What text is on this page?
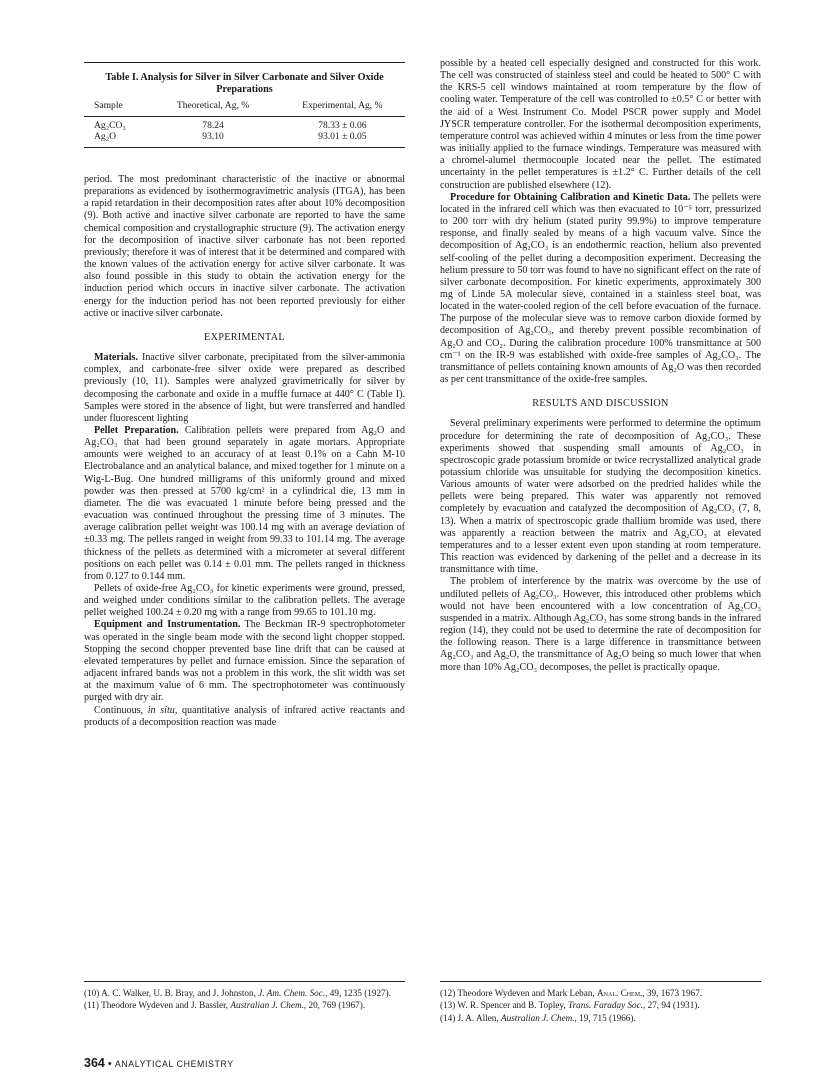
Table I. Analysis for Silver in Silver Carbonate and Silver Oxide Preparations
Sample	Theoretical, Ag, %	Experimental, Ag, %
Ag₂CO₃	78.24	78.33 ± 0.06
Ag₂O	93.10	93.01 ± 0.05

period. The most predominant characteristic of the inactive or abnormal preparations as evidenced by isothermogravimetric analysis (ITGA), has been a rapid retardation in their decomposition rates after about 10% decomposition (9). Both active and inactive silver carbonate are reported to have the same chemical composition and crystallographic structure (9). The activation energy for the decomposition of inactive silver carbonate has not been reported previously; therefore it was of interest that it be determined and compared with the known values of the activation energy for active silver carbonate. It was also found possible in this study to obtain the activation energy for the induction period which occurs in inactive silver carbonate. The activation energy for the induction period has not been reported previously for either active or inactive silver carbonate.

EXPERIMENTAL

Materials. Inactive silver carbonate, precipitated from the silver-ammonia complex, and carbonate-free silver oxide were prepared as described previously (10, 11). Samples were analyzed gravimetrically for silver by decomposing the carbonate and oxide in a muffle furnace at 440° C (Table I). Samples were stored in the absence of light, but were transferred and handled under fluorescent lighting

Pellet Preparation. Calibration pellets were prepared from Ag₂O and Ag₂CO₃ that had been ground separately in agate mortars. Appropriate amounts were weighed to an accuracy of at least 0.1% on a Cahn M-10 Electrobalance and an analytical balance, and mixed together for 1 minute on a Wig-L-Bug. One hundred milligrams of this uniformly ground and mixed powder was then pressed at 5700 kg/cm² in a cylindrical die, 13 mm in diameter. The die was evacuated 1 minute before being pressed and the evacuation was continued throughout the pressing time of 3 minutes. The average calibration pellet weight was 100.14 mg with an average deviation of ±0.33 mg. The pellets ranged in weight from 99.33 to 101.14 mg. The average thickness of the pellets as determined with a micrometer at several different positions on each pellet was 0.14 ± 0.01 mm. The pellets ranged in thickness from 0.127 to 0.144 mm.

Pellets of oxide-free Ag₂CO₃ for kinetic experiments were ground, pressed, and weighed under conditions similar to the calibration pellets. The average pellet weighed 100.24 ± 0.20 mg with a range from 99.65 to 101.10 mg.

Equipment and Instrumentation. The Beckman IR-9 spectrophotometer was operated in the single beam mode with the second light chopper stopped. Stopping the second chopper prevented base line drift that can be caused at elevated temperatures by pellet and furnace emission. Since the separation of adjacent infrared bands was not a problem in this work, the slit width was set at the maximum value of 6 mm. The spectrophotometer was continuously purged with dry air.

Continuous, in situ, quantitative analysis of infrared active reactants and products of a decomposition reaction was made

possible by a heated cell especially designed and constructed for this work. The cell was constructed of stainless steel and could be heated to 500° C with the KRS-5 cell windows maintained at room temperature by the flow of cooling water. Temperature of the cell was controlled to ±0.5° C or better with the aid of a West Instrument Co. Model PSCR power supply and Model JYSCR temperature controller. For the isothermal decomposition experiments, temperature control was achieved within 4 minutes or less from the time power was initially applied to the furnace windings. Temperature was measured with a chromel-alumel thermocouple located near the pellet. The estimated uncertainty in the pellet temperatures is ±1.2° C. Further details of the cell construction are published elsewhere (12).

Procedure for Obtaining Calibration and Kinetic Data. The pellets were located in the infrared cell which was then evacuated to 10⁻⁵ torr, pressurized to 200 torr with dry helium (stated purity 99.9%) to improve temperature response, and finally sealed by means of a high vacuum valve. Since the decomposition of Ag₂CO₃ is an endothermic reaction, helium also prevented self-cooling of the pellet during a decomposition experiment. Decreasing the helium pressure to 50 torr was found to have no significant effect on the rate of silver carbonate decomposition. For kinetic experiments, approximately 300 mg of Linde 5A molecular sieve, contained in a stainless steel boat, was located in the water-cooled region of the cell before evacuation of the furnace. The purpose of the molecular sieve was to remove carbon dioxide formed by decomposition of Ag₂CO₃, and thereby prevent possible recombination of Ag₂O and CO₂. During the calibration procedure 100% transmittance at 500 cm⁻¹ on the IR-9 was established with oxide-free samples of Ag₂CO₃. The transmittance of pellets containing known amounts of Ag₂O was then recorded as per cent transmittance of the oxide-free samples.

RESULTS AND DISCUSSION

Several preliminary experiments were performed to determine the optimum procedure for determining the rate of decomposition of Ag₂CO₃. These experiments showed that suspending small amounts of Ag₂CO₃ in spectroscopic grade potassium bromide or twice recrystallized analytical grade potassium chloride was unsuitable for studying the decomposition kinetics. Various amounts of water were adsorbed on the predried halides while the pellets were being prepared. This water was apparently not removed completely by evacuation and catalyzed the decomposition of Ag₂CO₃ (7, 8, 13). When a matrix of spectroscopic grade thallium bromide was used, there was apparently a reaction between the matrix and Ag₂CO₃ at elevated temperatures and to a lesser extent even upon standing at room temperature. This reaction was evidenced by darkening of the pellet and a decrease in its transmittance with time.

The problem of interference by the matrix was overcome by the use of undiluted pellets of Ag₂CO₃. However, this introduced other problems which would not have been encountered with a low concentration of Ag₂CO₃ suspended in a matrix. Although Ag₂CO₃ has some strong bands in the infrared region (14), they could not be used to determine the rate of decomposition for the following reason. There is a large difference in transmittance between Ag₂CO₃ and Ag₂O, the transmittance of Ag₂O being so much lower that when more than 10% Ag₂CO₃ decomposes, the pellet is practically opaque.

(10) A. C. Walker, U. B. Bray, and J. Johnston, J. Am. Chem. Soc., 49, 1235 (1927).
(11) Theodore Wydeven and J. Bassler, Australian J. Chem., 20, 769 (1967).
(12) Theodore Wydeven and Mark Leban, Anal. Chem., 39, 1673 1967.
(13) W. R. Spencer and B. Topley, Trans. Faraday Soc., 27, 94 (1931).
(14) J. A. Allen, Australian J. Chem., 19, 715 (1966).
364 • ANALYTICAL CHEMISTRY
